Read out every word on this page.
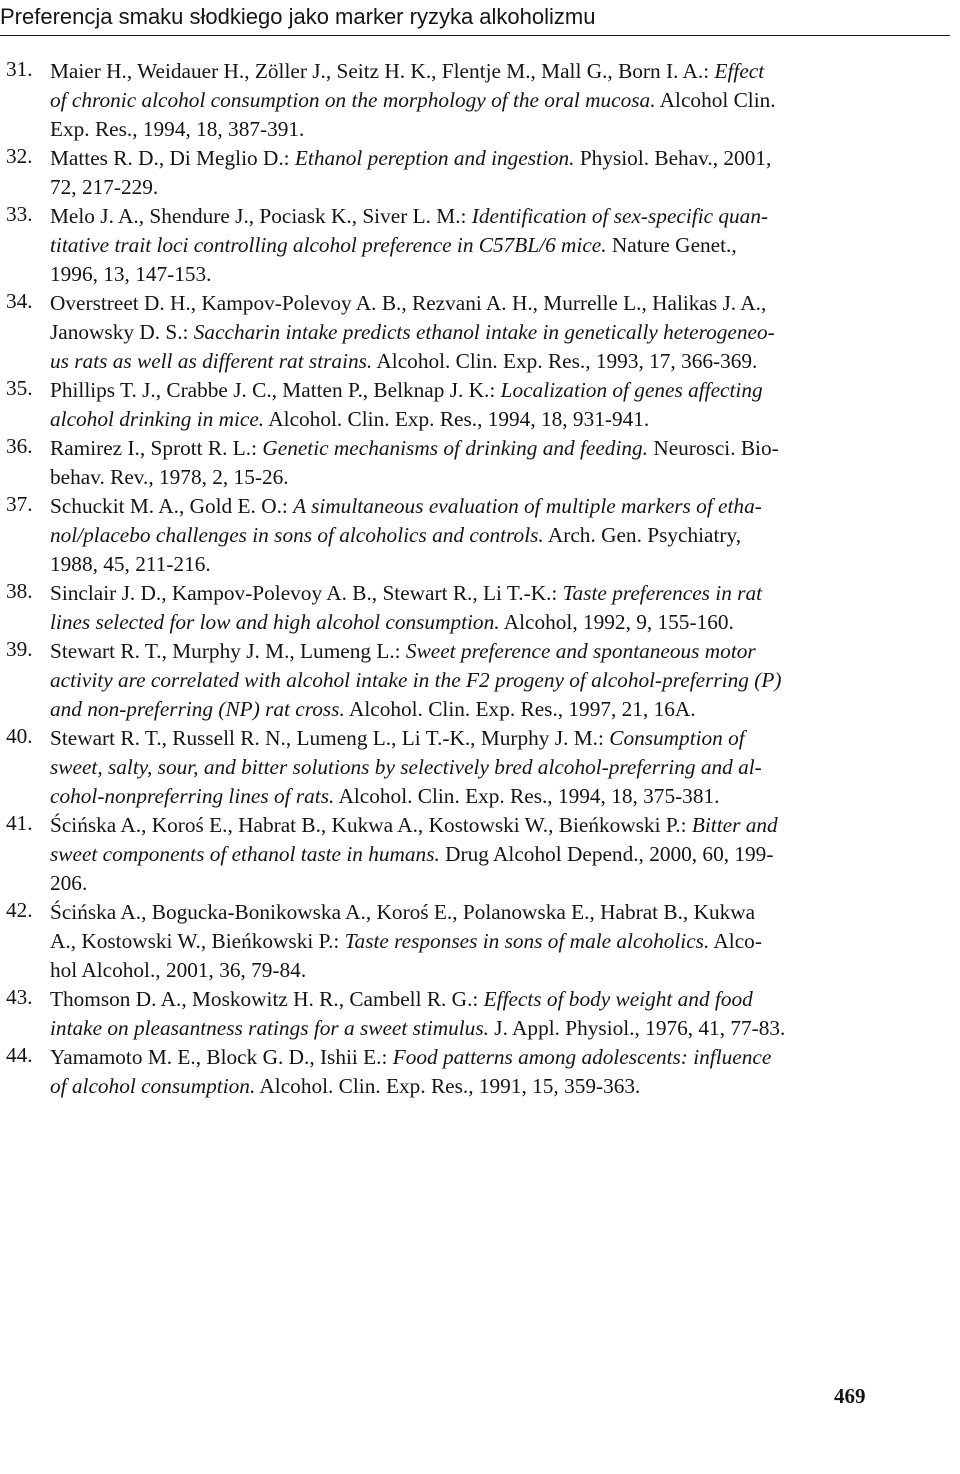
Preferencja smaku słodkiego jako marker ryzyka alkoholizmu
31. Maier H., Weidauer H., Zöller J., Seitz H. K., Flentje M., Mall G., Born I. A.: Effect
of chronic alcohol consumption on the morphology of the oral mucosa. Alcohol Clin.
Exp. Res., 1994, 18, 387-391.
32. Mattes R. D., Di Meglio D.: Ethanol pereption and ingestion. Physiol. Behav., 2001,
72, 217-229.
33. Melo J. A., Shendure J., Pociask K., Siver L. M.: Identification of sex-specific quan-
titative trait loci controlling alcohol preference in C57BL/6 mice. Nature Genet.,
1996, 13, 147-153.
34. Overstreet D. H., Kampov-Polevoy A. B., Rezvani A. H., Murrelle L., Halikas J. A.,
Janowsky D. S.: Saccharin intake predicts ethanol intake in genetically heterogeneo-
us rats as well as different rat strains. Alcohol. Clin. Exp. Res., 1993, 17, 366-369.
35. Phillips T. J., Crabbe J. C., Matten P., Belknap J. K.: Localization of genes affecting
alcohol drinking in mice. Alcohol. Clin. Exp. Res., 1994, 18, 931-941.
36. Ramirez I., Sprott R. L.: Genetic mechanisms of drinking and feeding. Neurosci. Bio-
behav. Rev., 1978, 2, 15-26.
37. Schuckit M. A., Gold E. O.: A simultaneous evaluation of multiple markers of etha-
nol/placebo challenges in sons of alcoholics and controls. Arch. Gen. Psychiatry,
1988, 45, 211-216.
38. Sinclair J. D., Kampov-Polevoy A. B., Stewart R., Li T.-K.: Taste preferences in rat
lines selected for low and high alcohol consumption. Alcohol, 1992, 9, 155-160.
39. Stewart R. T., Murphy J. M., Lumeng L.: Sweet preference and spontaneous motor
activity are correlated with alcohol intake in the F2 progeny of alcohol-preferring (P)
and non-preferring (NP) rat cross. Alcohol. Clin. Exp. Res., 1997, 21, 16A.
40. Stewart R. T., Russell R. N., Lumeng L., Li T.-K., Murphy J. M.: Consumption of
sweet, salty, sour, and bitter solutions by selectively bred alcohol-preferring and al-
cohol-nonpreferring lines of rats. Alcohol. Clin. Exp. Res., 1994, 18, 375-381.
41. Ścińska A., Koroś E., Habrat B., Kukwa A., Kostowski W., Bieńkowski P.: Bitter and
sweet components of ethanol taste in humans. Drug Alcohol Depend., 2000, 60, 199-
206.
42. Ścińska A., Bogucka-Bonikowska A., Koroś E., Polanowska E., Habrat B., Kukwa
A., Kostowski W., Bieńkowski P.: Taste responses in sons of male alcoholics. Alco-
hol Alcohol., 2001, 36, 79-84.
43. Thomson D. A., Moskowitz H. R., Cambell R. G.: Effects of body weight and food
intake on pleasantness ratings for a sweet stimulus. J. Appl. Physiol., 1976, 41, 77-83.
44. Yamamoto M. E., Block G. D., Ishii E.: Food patterns among adolescents: influence
of alcohol consumption. Alcohol. Clin. Exp. Res., 1991, 15, 359-363.
469
